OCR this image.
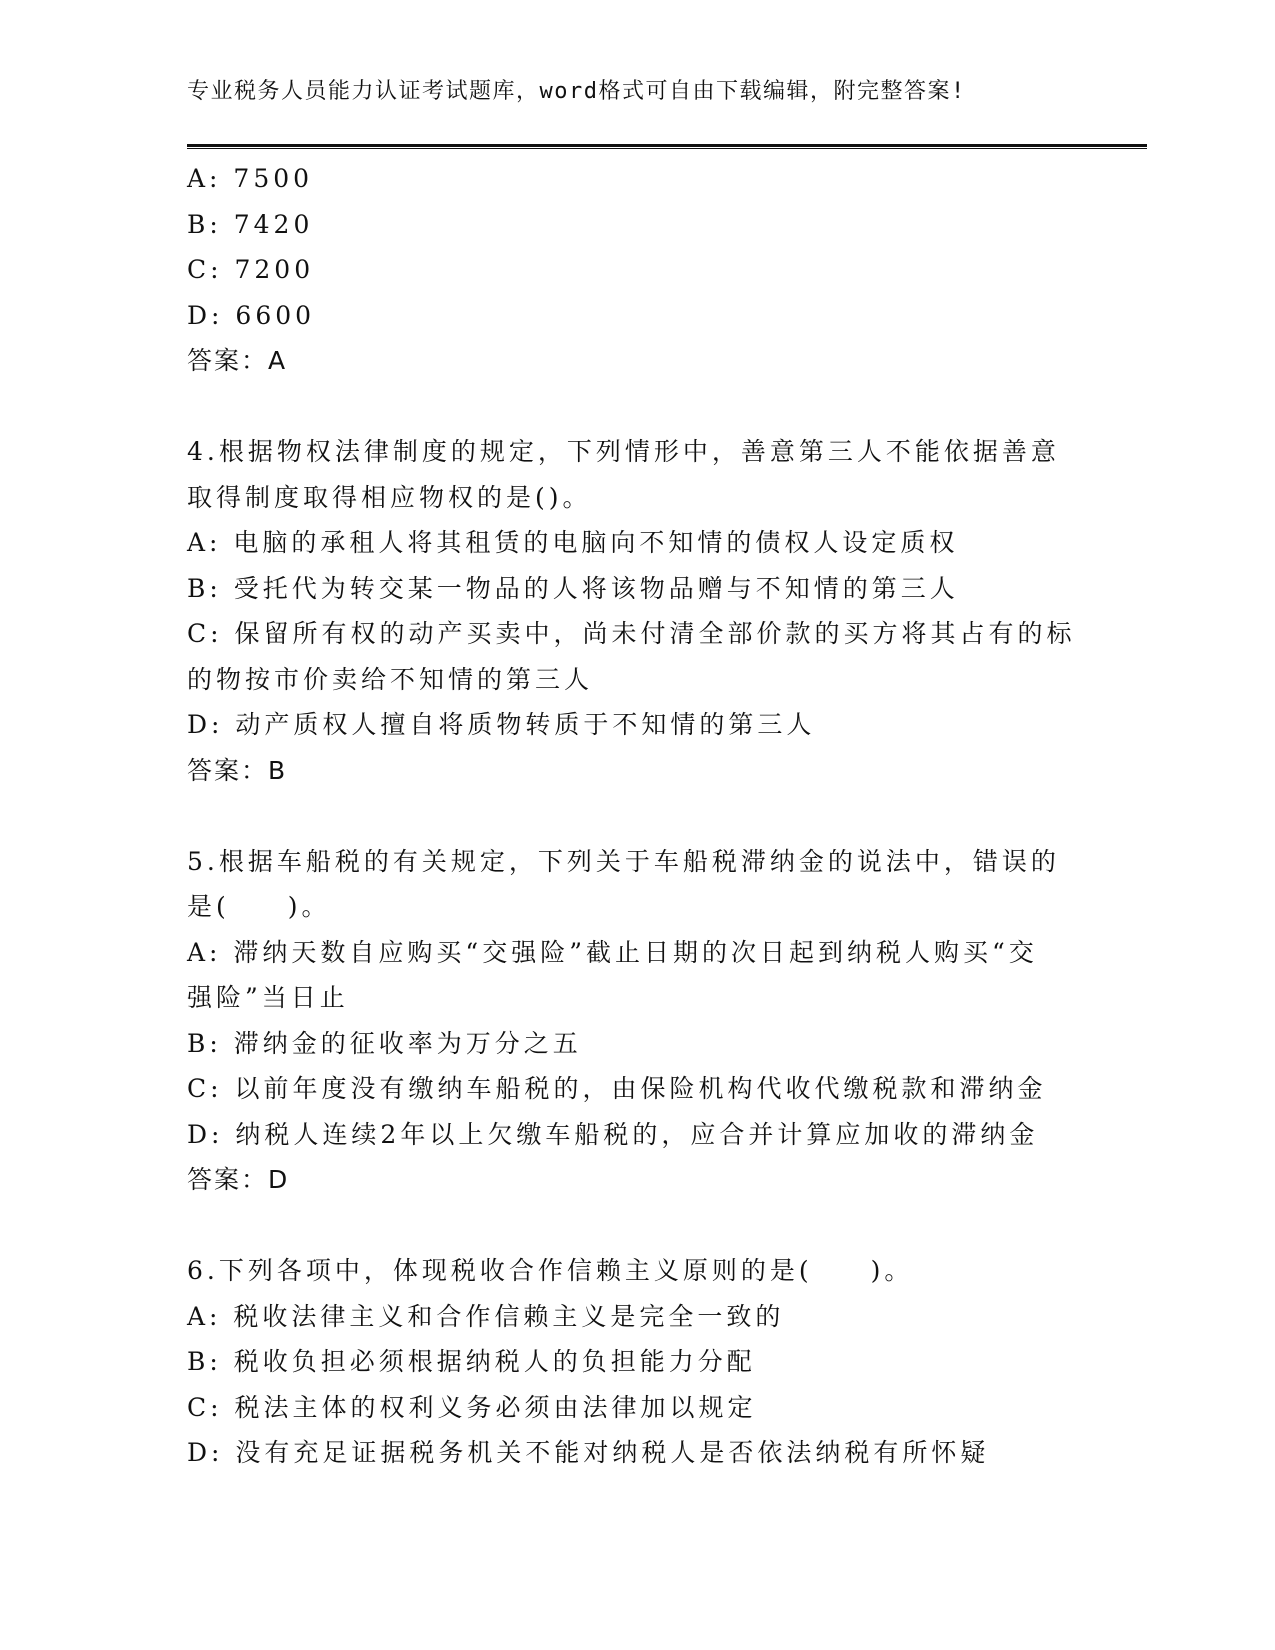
专业税务人员能力认证考试题库，word格式可自由下载编辑，附完整答案!
A: 7500
B: 7420
C: 7200
D: 6600
答案：A
4.根据物权法律制度的规定，下列情形中，善意第三人不能依据善意
取得制度取得相应物权的是()。
A: 电脑的承租人将其租赁的电脑向不知情的债权人设定质权
B: 受托代为转交某一物品的人将该物品赠与不知情的第三人
C: 保留所有权的动产买卖中，尚未付清全部价款的买方将其占有的标
的物按市价卖给不知情的第三人
D: 动产质权人擅自将质物转质于不知情的第三人
答案：B
5.根据车船税的有关规定，下列关于车船税滞纳金的说法中，错误的
是(　　)。
A: 滞纳天数自应购买“交强险”截止日期的次日起到纳税人购买“交
强险”当日止
B: 滞纳金的征收率为万分之五
C: 以前年度没有缴纳车船税的，由保险机构代收代缴税款和滞纳金
D: 纳税人连续2年以上欠缴车船税的，应合并计算应加收的滞纳金
答案：D
6.下列各项中，体现税收合作信赖主义原则的是(　　)。
A: 税收法律主义和合作信赖主义是完全一致的
B: 税收负担必须根据纳税人的负担能力分配
C: 税法主体的权利义务必须由法律加以规定
D: 没有充足证据税务机关不能对纳税人是否依法纳税有所怀疑
